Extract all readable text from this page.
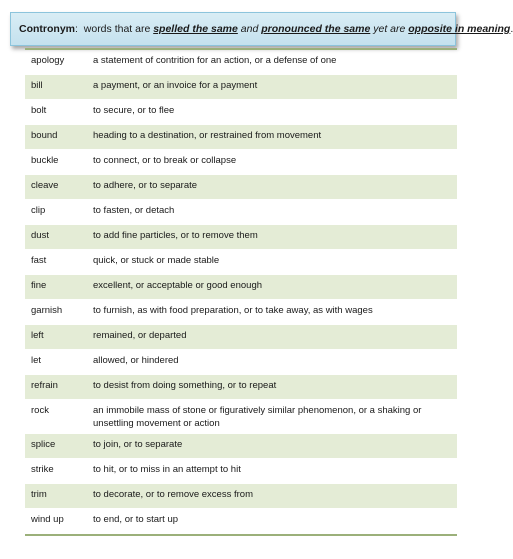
Contronym: words that are spelled the same and pronounced the same yet are opposite in meaning.
apology	a statement of contrition for an action, or a defense of one
bill	a payment, or an invoice for a payment
bolt	to secure, or to flee
bound	heading to a destination, or restrained from movement
buckle	to connect, or to break or collapse
cleave	to adhere, or to separate
clip	to fasten, or detach
dust	to add fine particles, or to remove them
fast	quick, or stuck or made stable
fine	excellent, or acceptable or good enough
garnish	to furnish, as with food preparation, or to take away, as with wages
left	remained, or departed
let	allowed, or hindered
refrain	to desist from doing something, or to repeat
rock	an immobile mass of stone or figuratively similar phenomenon, or a shaking or unsettling movement or action
splice	to join, or to separate
strike	to hit, or to miss in an attempt to hit
trim	to decorate, or to remove excess from
wind up	to end, or to start up
